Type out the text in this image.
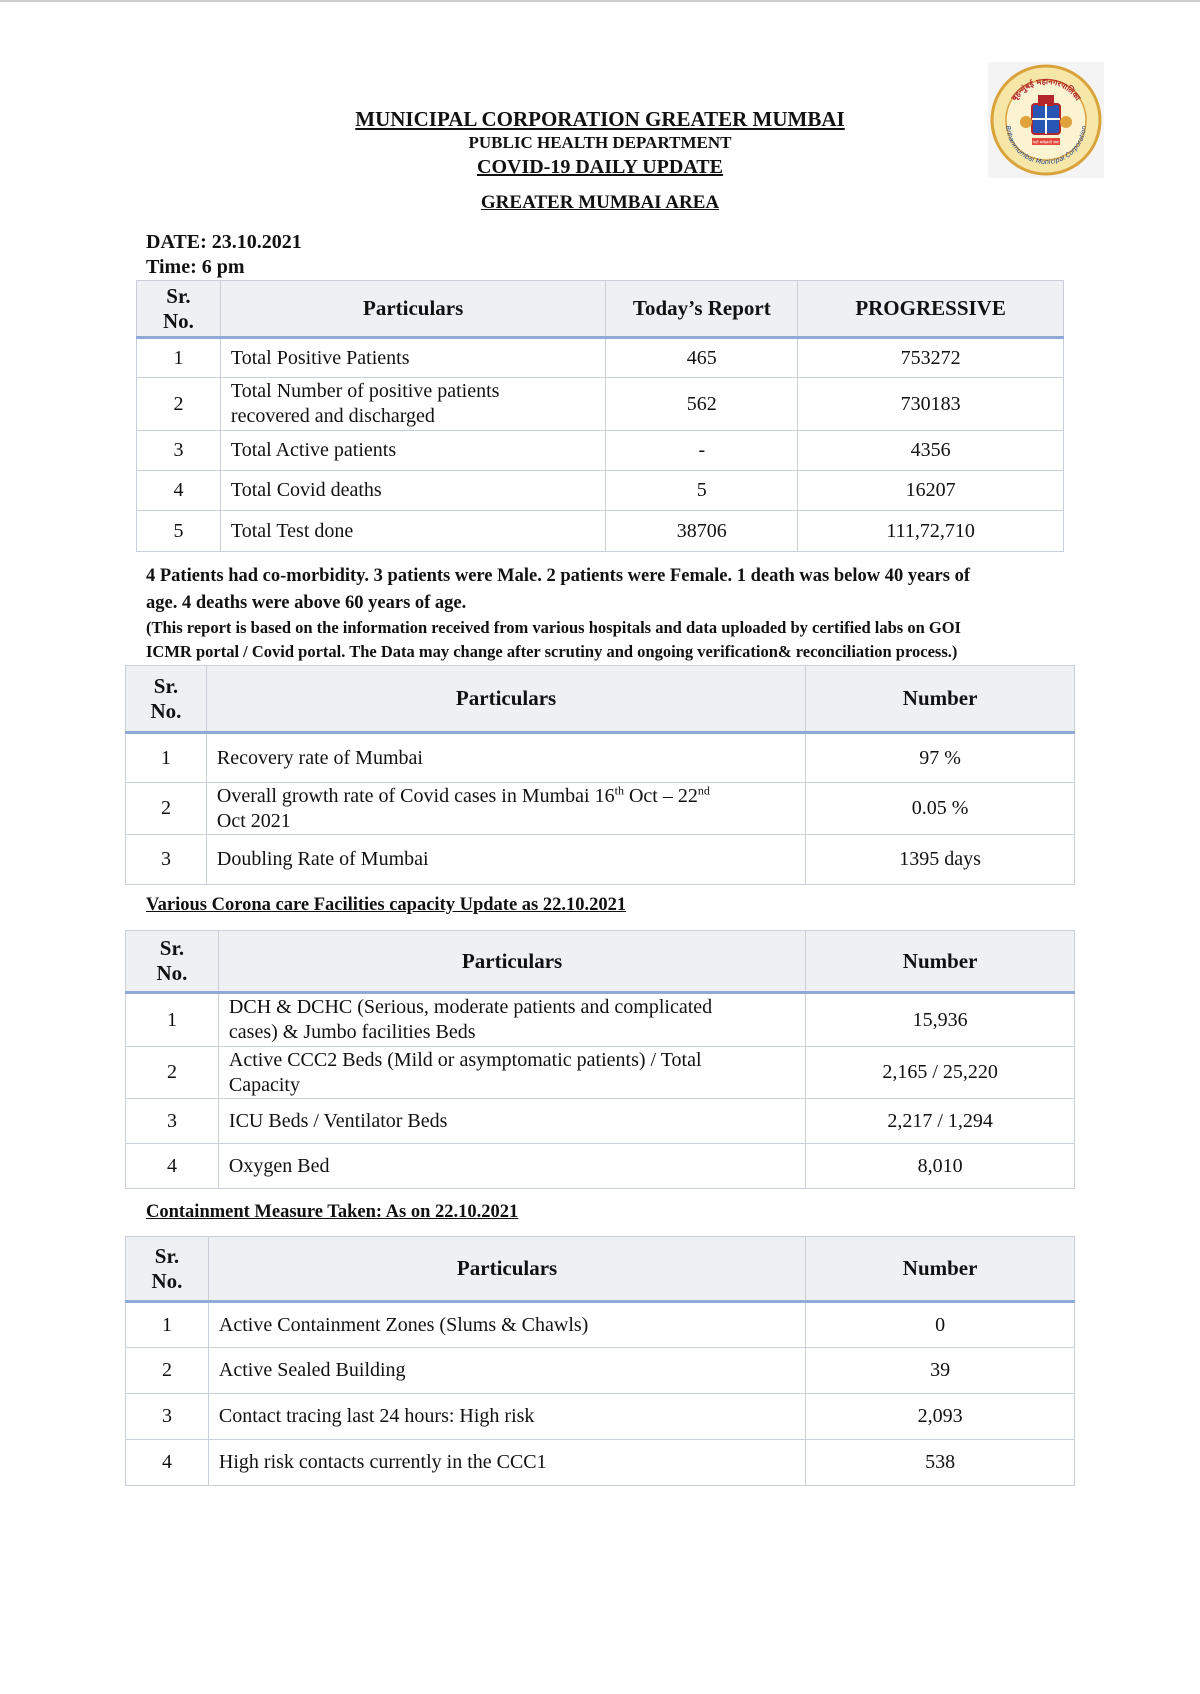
MUNICIPAL CORPORATION GREATER MUMBAI
PUBLIC HEALTH DEPARTMENT
COVID-19 DAILY UPDATE
GREATER MUMBAI AREA
बृहन्मुंबई महानगरपालिका
Brihanmumbai Municipal Corporation
यतो धर्मस्ततो जयः
DATE: 23.10.2021
Time: 6 pm
Sr.
No.	Particulars	Today’s Report	PROGRESSIVE
1	Total Positive Patients	465	753272
2	Total Number of positive patients
recovered and discharged	562	730183
3	Total Active patients	-	4356
4	Total Covid deaths	5	16207
5	Total Test done	38706	111,72,710
4 Patients had co-morbidity. 3 patients were Male. 2 patients were Female. 1 death was below 40 years of
age. 4 deaths were above 60 years of age.
(This report is based on the information received from various hospitals and data uploaded by certified labs on GOI
ICMR portal / Covid portal. The Data may change after scrutiny and ongoing verification& reconciliation process.)
Sr.
No.	Particulars	Number
1	Recovery rate of Mumbai	97 %
2	Overall growth rate of Covid cases in Mumbai 16th Oct – 22nd
Oct 2021	0.05 %
3	Doubling Rate of Mumbai	1395 days
Various Corona care Facilities capacity Update as 22.10.2021
Sr.
No.	Particulars	Number
1	DCH & DCHC (Serious, moderate patients and complicated
cases) & Jumbo facilities Beds	15,936
2	Active CCC2 Beds (Mild or asymptomatic patients) / Total
Capacity	2,165 / 25,220
3	ICU Beds / Ventilator Beds	2,217 / 1,294
4	Oxygen Bed	8,010
Containment Measure Taken: As on 22.10.2021
Sr.
No.	Particulars	Number
1	Active Containment Zones (Slums & Chawls)	0
2	Active Sealed Building	39
3	Contact tracing last 24 hours: High risk	2,093
4	High risk contacts currently in the CCC1	538
